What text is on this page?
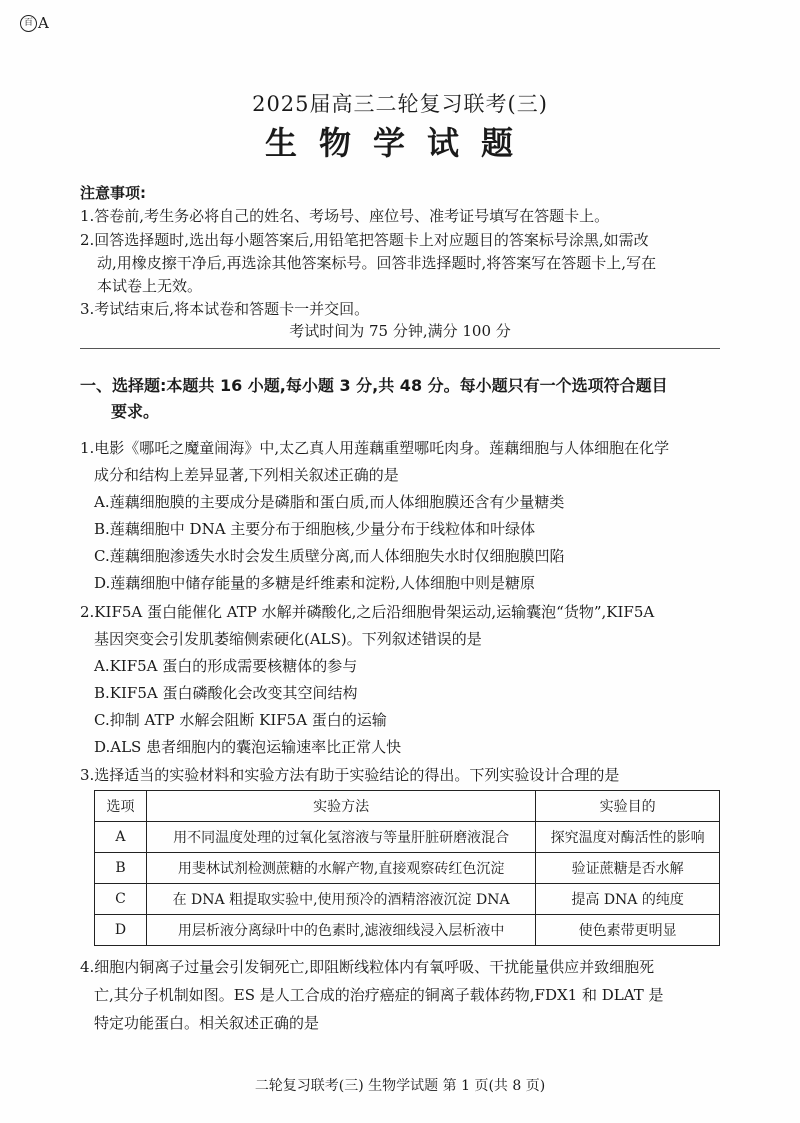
百 A
2025届高三二轮复习联考(三)
生物学试题
注意事项:
1.答卷前,考生务必将自己的姓名、考场号、座位号、准考证号填写在答题卡上。
2.回答选择题时,选出每小题答案后,用铅笔把答题卡上对应题目的答案标号涂黑,如需改
动,用橡皮擦干净后,再选涂其他答案标号。回答非选择题时,将答案写在答题卡上,写在
本试卷上无效。
3.考试结束后,将本试卷和答题卡一并交回。
考试时间为 75 分钟,满分 100 分
一、选择题:本题共 16 小题,每小题 3 分,共 48 分。每小题只有一个选项符合题目
要求。
1.电影《哪吒之魔童闹海》中,太乙真人用莲藕重塑哪吒肉身。莲藕细胞与人体细胞在化学
成分和结构上差异显著,下列相关叙述正确的是
A.莲藕细胞膜的主要成分是磷脂和蛋白质,而人体细胞膜还含有少量糖类
B.莲藕细胞中 DNA 主要分布于细胞核,少量分布于线粒体和叶绿体
C.莲藕细胞渗透失水时会发生质壁分离,而人体细胞失水时仅细胞膜凹陷
D.莲藕细胞中储存能量的多糖是纤维素和淀粉,人体细胞中则是糖原
2.KIF5A 蛋白能催化 ATP 水解并磷酸化,之后沿细胞骨架运动,运输囊泡“货物”,KIF5A
基因突变会引发肌萎缩侧索硬化(ALS)。下列叙述错误的是
A.KIF5A 蛋白的形成需要核糖体的参与
B.KIF5A 蛋白磷酸化会改变其空间结构
C.抑制 ATP 水解会阻断 KIF5A 蛋白的运输
D.ALS 患者细胞内的囊泡运输速率比正常人快
3.选择适当的实验材料和实验方法有助于实验结论的得出。下列实验设计合理的是
选项	实验方法	实验目的
A	用不同温度处理的过氧化氢溶液与等量肝脏研磨液混合	探究温度对酶活性的影响
B	用斐林试剂检测蔗糖的水解产物,直接观察砖红色沉淀	验证蔗糖是否水解
C	在 DNA 粗提取实验中,使用预冷的酒精溶液沉淀 DNA	提高 DNA 的纯度
D	用层析液分离绿叶中的色素时,滤液细线浸入层析液中	使色素带更明显
4.细胞内铜离子过量会引发铜死亡,即阻断线粒体内有氧呼吸、干扰能量供应并致细胞死
亡,其分子机制如图。ES 是人工合成的治疗癌症的铜离子载体药物,FDX1 和 DLAT 是
特定功能蛋白。相关叙述正确的是
二轮复习联考(三) 生物学试题 第 1 页(共 8 页)
